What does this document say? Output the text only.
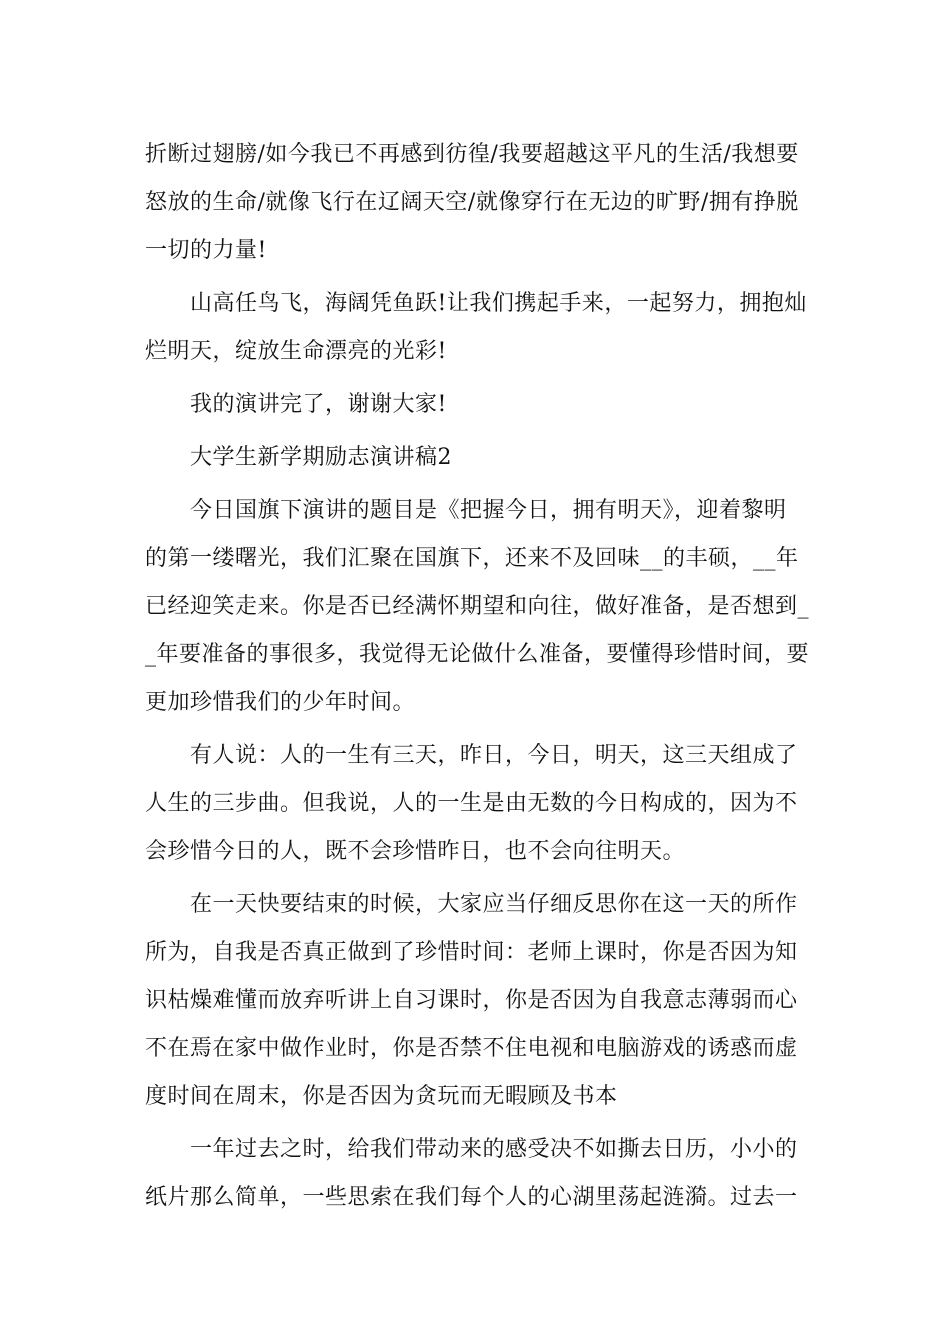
折断过翅膀/如今我已不再感到彷徨/我要超越这平凡的生活/我想要
怒放的生命/就像飞行在辽阔天空/就像穿行在无边的旷野/拥有挣脱
一切的力量!
山高任鸟飞，海阔凭鱼跃!让我们携起手来，一起努力，拥抱灿
烂明天，绽放生命漂亮的光彩!
我的演讲完了，谢谢大家!
大学生新学期励志演讲稿2
今日国旗下演讲的题目是《把握今日，拥有明天》，迎着黎明
的第一缕曙光，我们汇聚在国旗下，还来不及回味__的丰硕，__年
已经迎笑走来。你是否已经满怀期望和向往，做好准备，是否想到_
_年要准备的事很多，我觉得无论做什么准备，要懂得珍惜时间，要
更加珍惜我们的少年时间。
有人说：人的一生有三天，昨日，今日，明天，这三天组成了
人生的三步曲。但我说，人的一生是由无数的今日构成的，因为不
会珍惜今日的人，既不会珍惜昨日，也不会向往明天。
在一天快要结束的时候，大家应当仔细反思你在这一天的所作
所为，自我是否真正做到了珍惜时间：老师上课时，你是否因为知
识枯燥难懂而放弃听讲上自习课时，你是否因为自我意志薄弱而心
不在焉在家中做作业时，你是否禁不住电视和电脑游戏的诱惑而虚
度时间在周末，你是否因为贪玩而无暇顾及书本
一年过去之时，给我们带动来的感受决不如撕去日历，小小的
纸片那么简单，一些思索在我们每个人的心湖里荡起涟漪。过去一
